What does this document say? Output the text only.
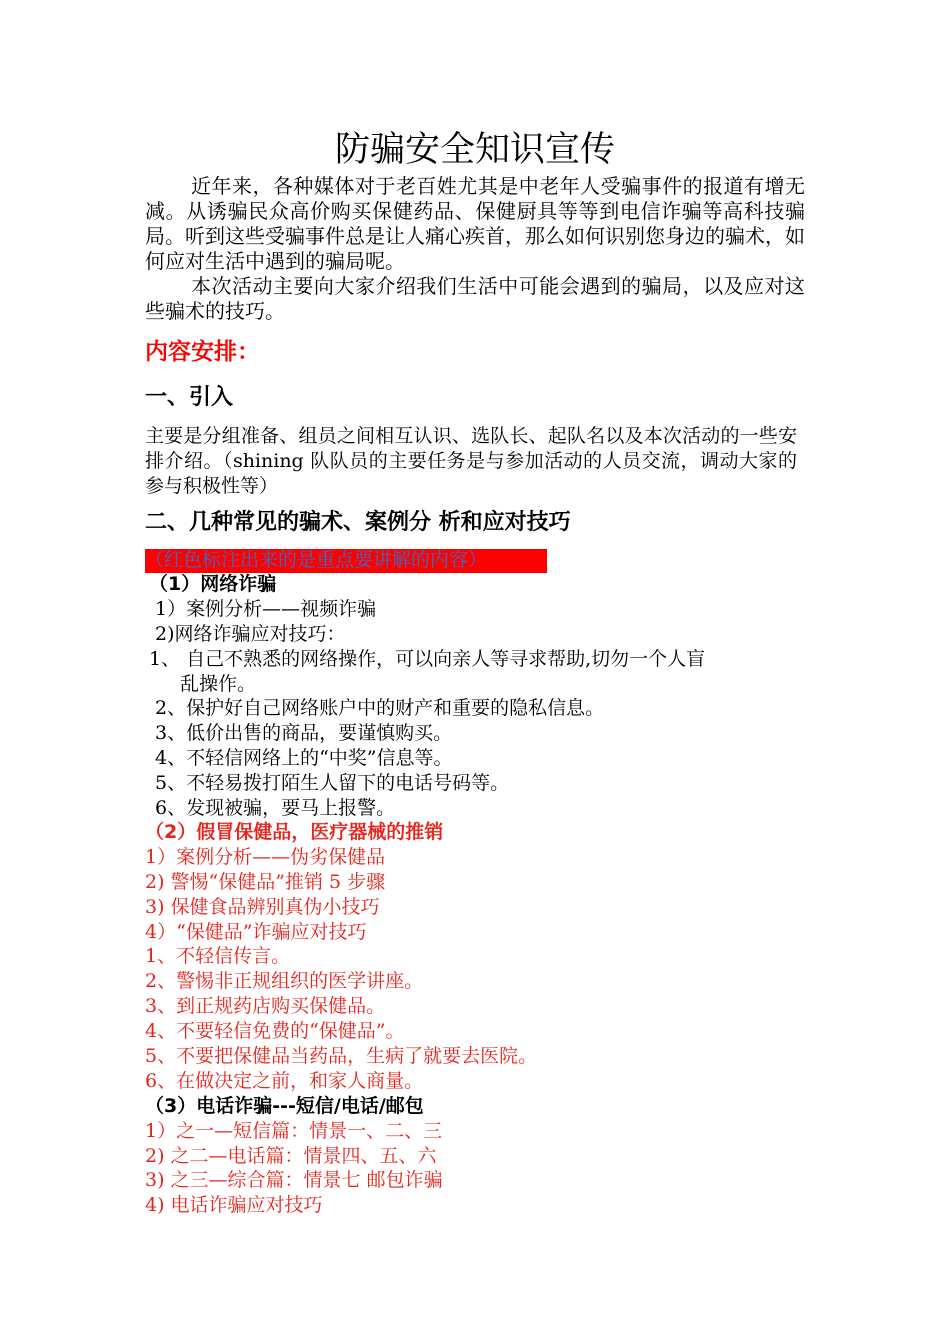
防骗安全知识宣传

近年来，各种媒体对于老百姓尤其是中老年人受骗事件的报道有增无减。从诱骗民众高价购买保健药品、保健厨具等等到电信诈骗等高科技骗局。听到这些受骗事件总是让人痛心疾首，那么如何识别您身边的骗术，如何应对生活中遇到的骗局呢。

本次活动主要向大家介绍我们生活中可能会遇到的骗局，以及应对这些骗术的技巧。

内容安排：
一、引入

主要是分组准备、组员之间相互认识、选队长、起队名以及本次活动的一些安排介绍。（shining 队队员的主要任务是与参加活动的人员交流，调动大家的参与积极性等）

二、几种常见的骗术、案例分 析和应对技巧
（红色标注出来的是重点要讲解的内容）
（1）网络诈骗
1）案例分析——视频诈骗
2)网络诈骗应对技巧：
1、 自己不熟悉的网络操作，可以向亲人等寻求帮助,切勿一个人盲
乱操作。
2、保护好自己网络账户中的财产和重要的隐私信息。
3、低价出售的商品，要谨慎购买。
4、不轻信网络上的“中奖”信息等。
5、不轻易拨打陌生人留下的电话号码等。
6、发现被骗，要马上报警。
（2）假冒保健品，医疗器械的推销
1）案例分析——伪劣保健品
2) 警惕“保健品”推销 5 步骤
3) 保健食品辨别真伪小技巧
4）“保健品”诈骗应对技巧
1、不轻信传言。
2、警惕非正规组织的医学讲座。
3、到正规药店购买保健品。
4、不要轻信免费的“保健品”。
5、不要把保健品当药品，生病了就要去医院。
6、在做决定之前，和家人商量。
（3）电话诈骗---短信/电话/邮包
1）之一—短信篇：情景一、二、三
2) 之二—电话篇：情景四、五、六
3) 之三—综合篇：情景七 邮包诈骗
4) 电话诈骗应对技巧
